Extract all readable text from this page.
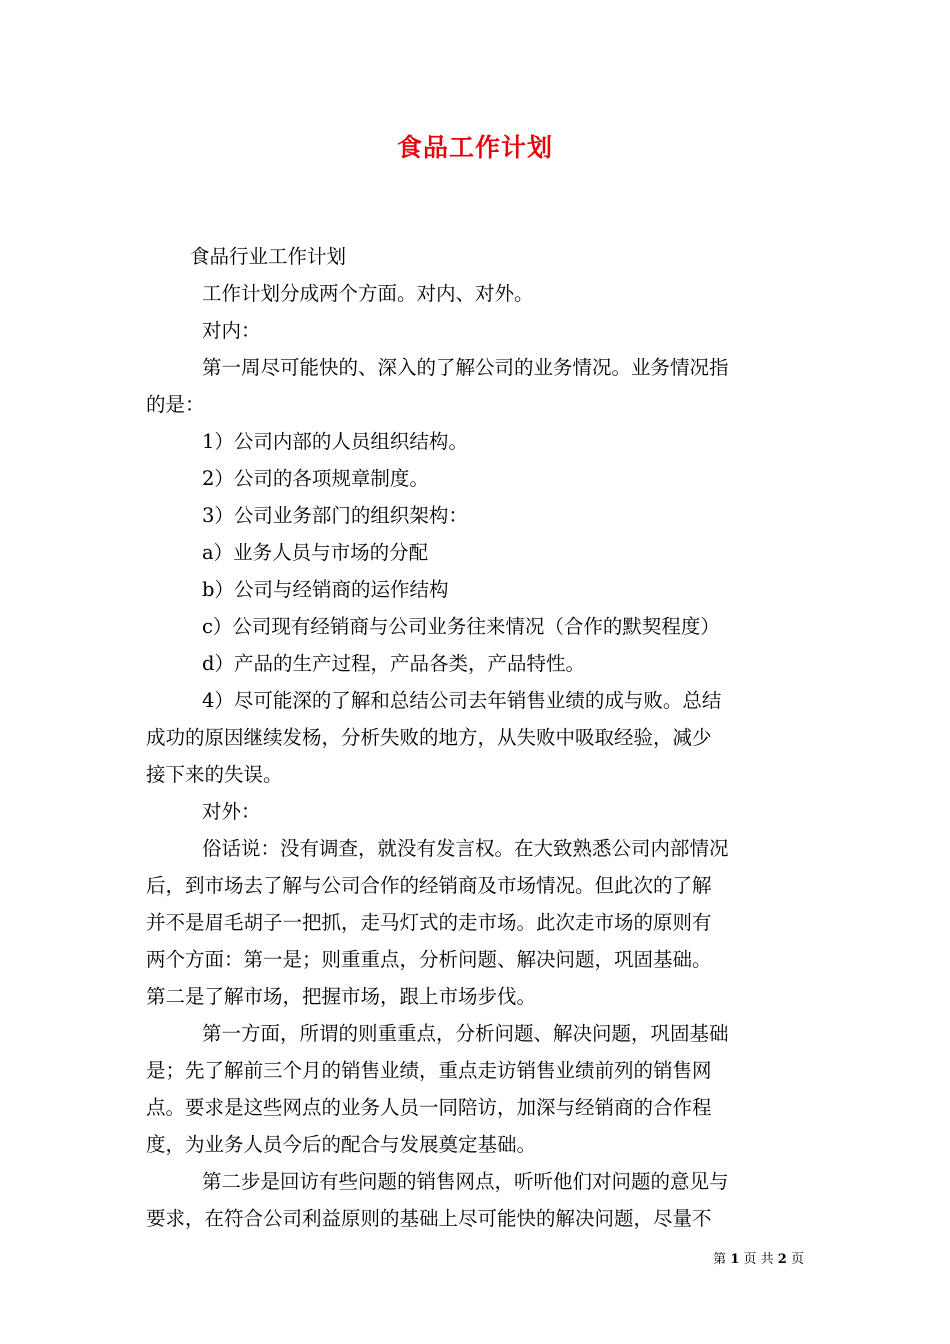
食品工作计划
食品行业工作计划
工作计划分成两个方面。对内、对外。
对内：
第一周尽可能快的、深入的了解公司的业务情况。业务情况指
的是：
1）公司内部的人员组织结构。
2）公司的各项规章制度。
3）公司业务部门的组织架构：
a）业务人员与市场的分配
b）公司与经销商的运作结构
c）公司现有经销商与公司业务往来情况（合作的默契程度）
d）产品的生产过程，产品各类，产品特性。
4）尽可能深的了解和总结公司去年销售业绩的成与败。总结
成功的原因继续发杨，分析失败的地方，从失败中吸取经验，减少
接下来的失误。
对外：
俗话说：没有调查，就没有发言权。在大致熟悉公司内部情况
后，到市场去了解与公司合作的经销商及市场情况。但此次的了解
并不是眉毛胡子一把抓，走马灯式的走市场。此次走市场的原则有
两个方面：第一是；则重重点，分析问题、解决问题，巩固基础。
第二是了解市场，把握市场，跟上市场步伐。
第一方面，所谓的则重重点，分析问题、解决问题，巩固基础
是；先了解前三个月的销售业绩，重点走访销售业绩前列的销售网
点。要求是这些网点的业务人员一同陪访，加深与经销商的合作程
度，为业务人员今后的配合与发展奠定基础。
第二步是回访有些问题的销售网点，听听他们对问题的意见与
要求，在符合公司利益原则的基础上尽可能快的解决问题，尽量不
第 1 页 共 2 页
